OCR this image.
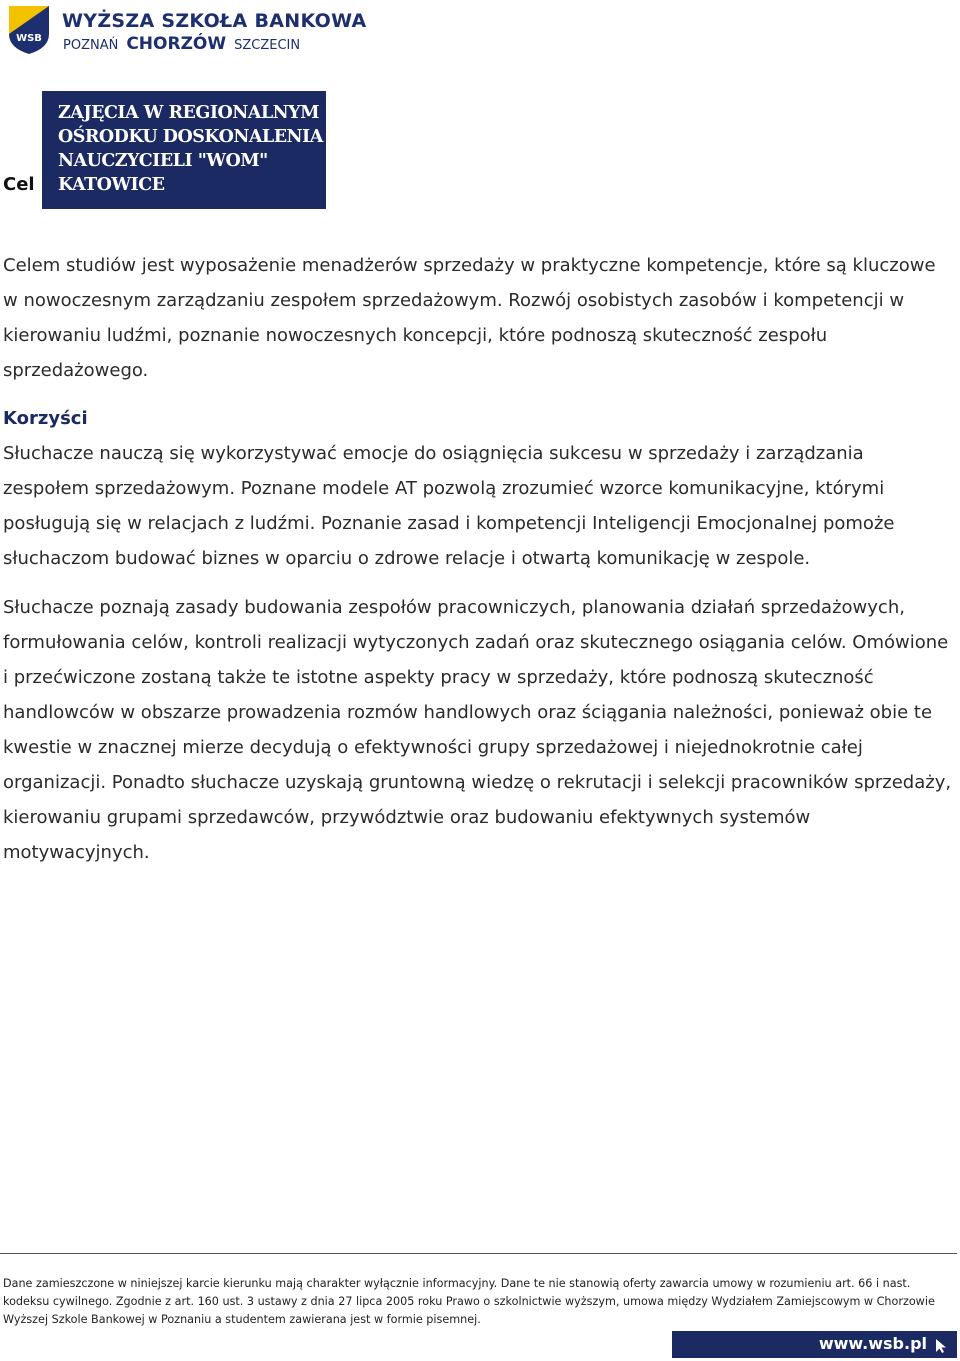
WSB
WYŻSZA SZKOŁA BANKOWA
POZNAŃ CHORZÓW SZCZECIN
Cel
ZAJĘCIA W REGIONALNYM
OŚRODKU DOSKONALENIA
NAUCZYCIELI "WOM"
KATOWICE

Celem studiów jest wyposażenie menadżerów sprzedaży w praktyczne kompetencje, które są kluczowe w nowoczesnym zarządzaniu zespołem sprzedażowym. Rozwój osobistych zasobów i kompetencji w kierowaniu ludźmi, poznanie nowoczesnych koncepcji, które podnoszą skuteczność zespołu sprzedażowego.

Korzyści

Słuchacze nauczą się wykorzystywać emocje do osiągnięcia sukcesu w sprzedaży i zarządzania zespołem sprzedażowym. Poznane modele AT pozwolą zrozumieć wzorce komunikacyjne, którymi posługują się w relacjach z ludźmi. Poznanie zasad i kompetencji Inteligencji Emocjonalnej pomoże słuchaczom budować biznes w oparciu o zdrowe relacje i otwartą komunikację w zespole.

Słuchacze poznają zasady budowania zespołów pracowniczych, planowania działań sprzedażowych, formułowania celów, kontroli realizacji wytyczonych zadań oraz skutecznego osiągania celów. Omówione i przećwiczone zostaną także te istotne aspekty pracy w sprzedaży, które podnoszą skuteczność handlowców w obszarze prowadzenia rozmów handlowych oraz ściągania należności, ponieważ obie te kwestie w znacznej mierze decydują o efektywności grupy sprzedażowej i niejednokrotnie całej organizacji. Ponadto słuchacze uzyskają gruntowną wiedzę o rekrutacji i selekcji pracowników sprzedaży, kierowaniu grupami sprzedawców, przywództwie oraz budowaniu efektywnych systemów motywacyjnych.

Dane zamieszczone w niniejszej karcie kierunku mają charakter wyłącznie informacyjny. Dane te nie stanowią oferty zawarcia umowy w rozumieniu art. 66 i nast. kodeksu cywilnego. Zgodnie z art. 160 ust. 3 ustawy z dnia 27 lipca 2005 roku Prawo o szkolnictwie wyższym, umowa między Wydziałem Zamiejscowym w Chorzowie Wyższej Szkole Bankowej w Poznaniu a studentem zawierana jest w formie pisemnej.

www.wsb.pl
